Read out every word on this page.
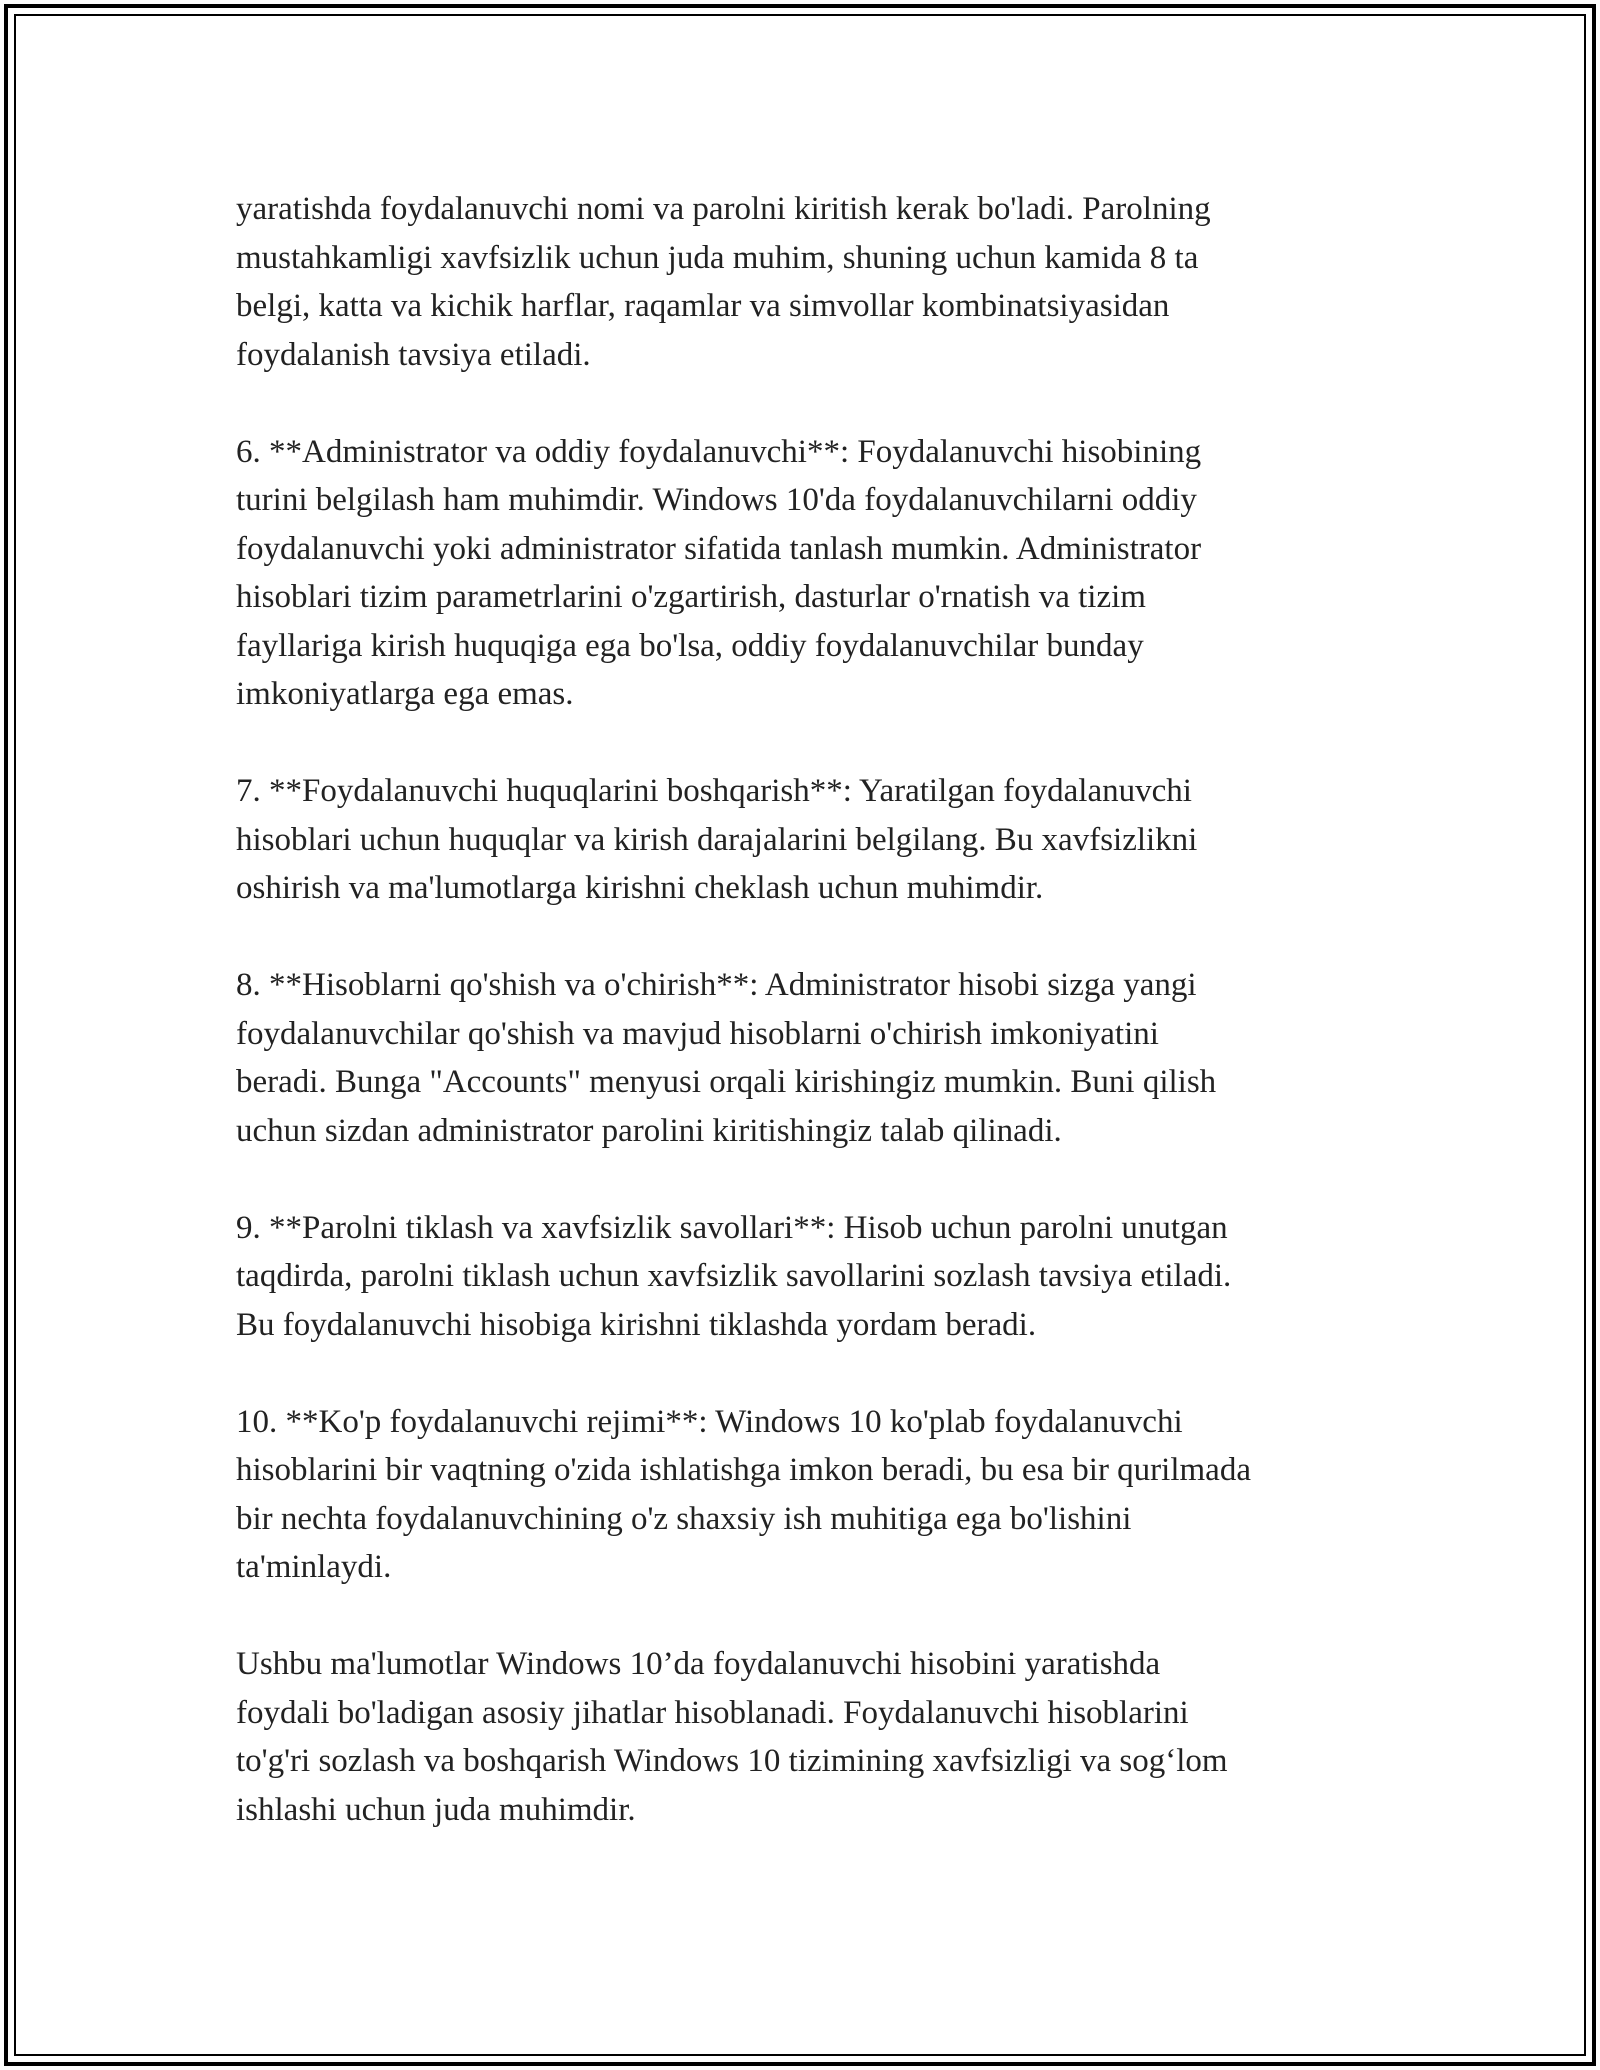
yaratishda foydalanuvchi nomi va parolni kiritish kerak bo'ladi. Parolning
mustahkamligi xavfsizlik uchun juda muhim, shuning uchun kamida 8 ta
belgi, katta va kichik harflar, raqamlar va simvollar kombinatsiyasidan
foydalanish tavsiya etiladi.

6. **Administrator va oddiy foydalanuvchi**: Foydalanuvchi hisobining
turini belgilash ham muhimdir. Windows 10'da foydalanuvchilarni oddiy
foydalanuvchi yoki administrator sifatida tanlash mumkin. Administrator
hisoblari tizim parametrlarini o'zgartirish, dasturlar o'rnatish va tizim
fayllariga kirish huquqiga ega bo'lsa, oddiy foydalanuvchilar bunday
imkoniyatlarga ega emas.

7. **Foydalanuvchi huquqlarini boshqarish**: Yaratilgan foydalanuvchi
hisoblari uchun huquqlar va kirish darajalarini belgilang. Bu xavfsizlikni
oshirish va ma'lumotlarga kirishni cheklash uchun muhimdir.

8. **Hisoblarni qo'shish va o'chirish**: Administrator hisobi sizga yangi
foydalanuvchilar qo'shish va mavjud hisoblarni o'chirish imkoniyatini
beradi. Bunga "Accounts" menyusi orqali kirishingiz mumkin. Buni qilish
uchun sizdan administrator parolini kiritishingiz talab qilinadi.

9. **Parolni tiklash va xavfsizlik savollari**: Hisob uchun parolni unutgan
taqdirda, parolni tiklash uchun xavfsizlik savollarini sozlash tavsiya etiladi.
Bu foydalanuvchi hisobiga kirishni tiklashda yordam beradi.

10. **Ko'p foydalanuvchi rejimi**: Windows 10 ko'plab foydalanuvchi
hisoblarini bir vaqtning o'zida ishlatishga imkon beradi, bu esa bir qurilmada
bir nechta foydalanuvchining o'z shaxsiy ish muhitiga ega bo'lishini
ta'minlaydi.

Ushbu ma'lumotlar Windows 10’da foydalanuvchi hisobini yaratishda
foydali bo'ladigan asosiy jihatlar hisoblanadi. Foydalanuvchi hisoblarini
to'g'ri sozlash va boshqarish Windows 10 tizimining xavfsizligi va sog‘lom
ishlashi uchun juda muhimdir.
